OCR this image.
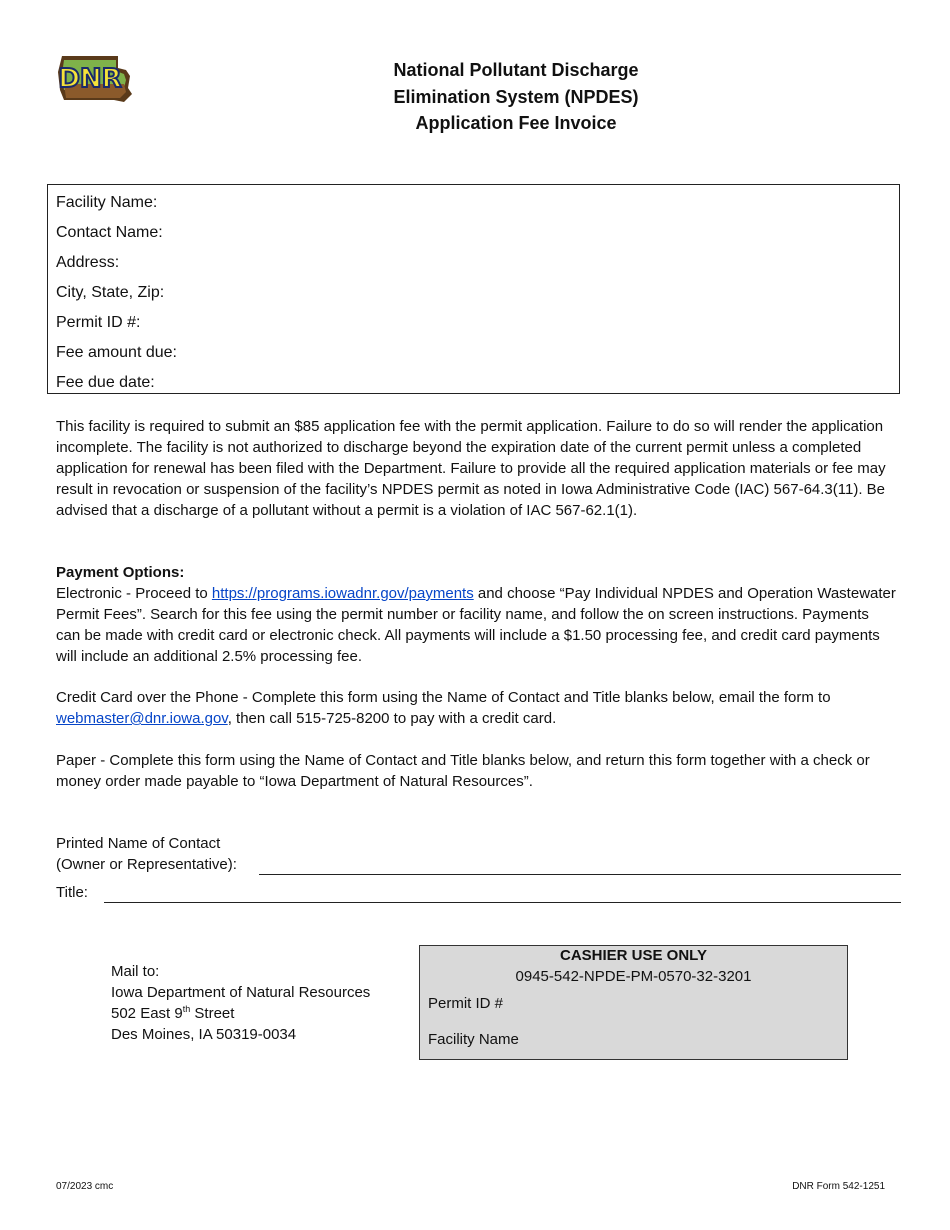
DNR	National Pollutant Discharge
Elimination System (NPDES)
Application Fee Invoice
Facility Name:
Contact Name:
Address:
City, State, Zip:
Permit ID #:
Fee amount due:
Fee due date:
This facility is required to submit an $85 application fee with the permit application. Failure to do so will render the application incomplete. The facility is not authorized to discharge beyond the expiration date of the current permit unless a completed application for renewal has been filed with the Department. Failure to provide all the required application materials or fee may result in revocation or suspension of the facility’s NPDES permit as noted in Iowa Administrative Code (IAC) 567-64.3(11). Be advised that a discharge of a pollutant without a permit is a violation of IAC 567-62.1(1).
Payment Options:
Electronic - Proceed to https://programs.iowadnr.gov/payments and choose “Pay Individual NPDES and Operation Wastewater Permit Fees”. Search for this fee using the permit number or facility name, and follow the on screen instructions. Payments can be made with credit card or electronic check. All payments will include a $1.50 processing fee, and credit card payments will include an additional 2.5% processing fee.
Credit Card over the Phone - Complete this form using the Name of Contact and Title blanks below, email the form to webmaster@dnr.iowa.gov, then call 515-725-8200 to pay with a credit card.
Paper - Complete this form using the Name of Contact and Title blanks below, and return this form together with a check or money order made payable to “Iowa Department of Natural Resources”.
Printed Name of Contact
(Owner or Representative):
Title:
Mail to:
Iowa Department of Natural Resources
502 East 9th Street
Des Moines, IA 50319-0034
CASHIER USE ONLY
0945-542-NPDE-PM-0570-32-3201
Permit ID #
Facility Name
07/2023 cmc	DNR Form 542-1251
